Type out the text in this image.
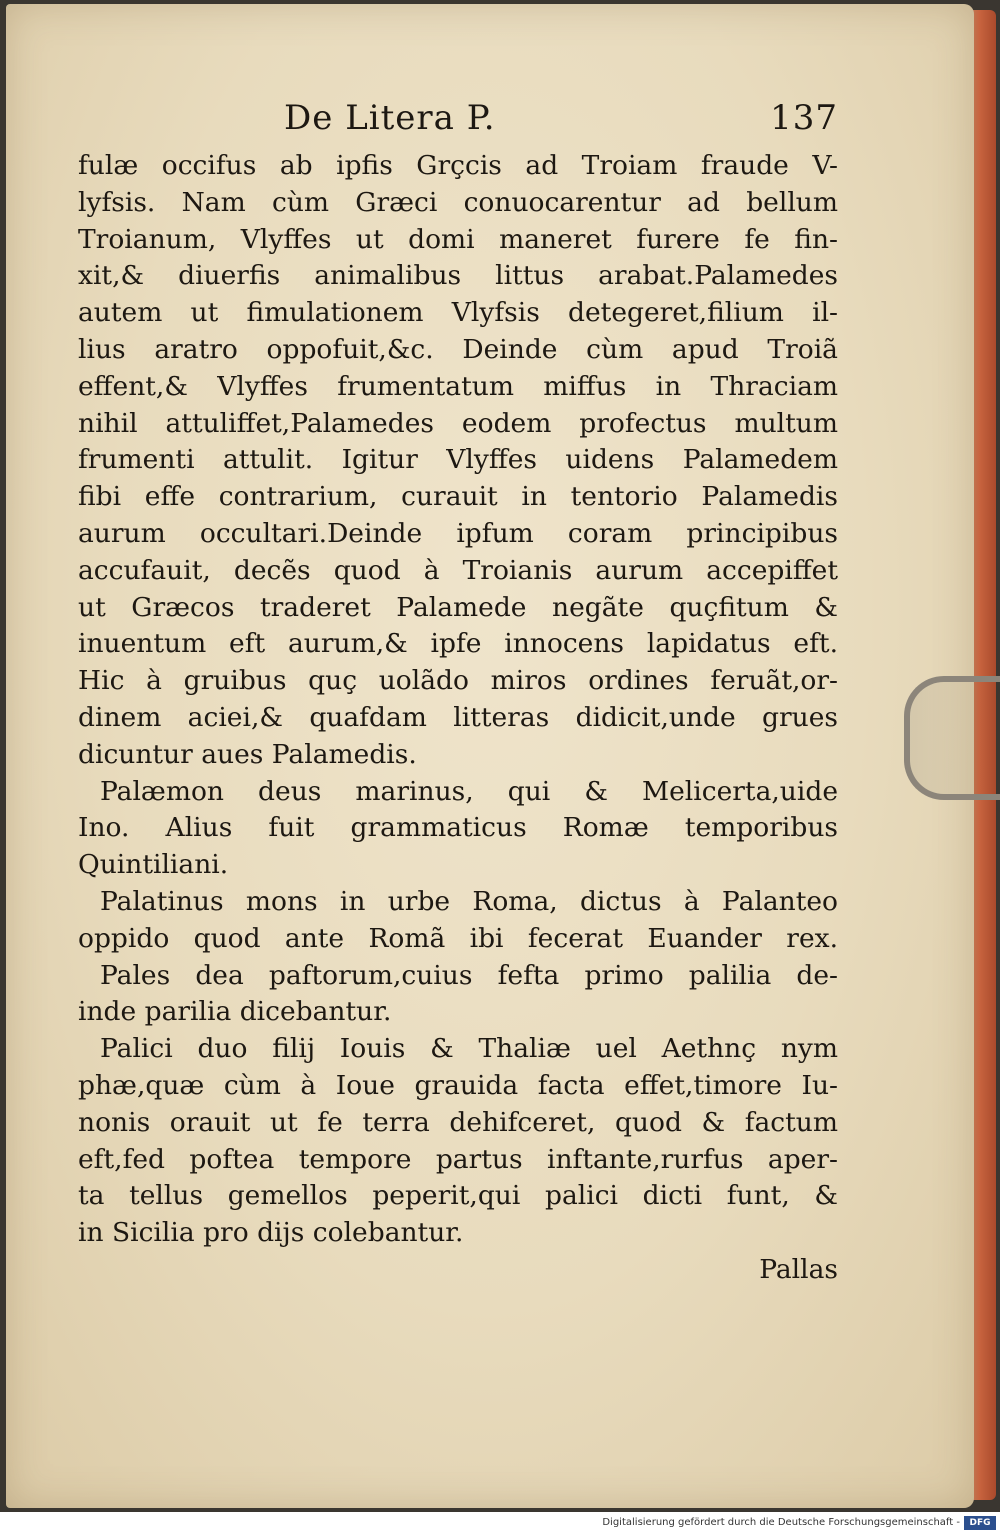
De Litera P.	137
fulæ occifus ab ipfis Grçcis ad Troiam fraude V-
lyfsis. Nam cùm Græci conuocarentur ad bellum
Troianum, Vlyffes ut domi maneret furere fe fin-
xit,& diuerfis animalibus littus arabat.Palamedes
autem ut fimulationem Vlyfsis detegeret,filium il-
lius aratro oppofuit,&c. Deinde cùm apud Troiã
effent,& Vlyffes frumentatum miffus in Thraciam
nihil attuliffet,Palamedes eodem profectus multum
frumenti attulit. Igitur Vlyffes uidens Palamedem
fibi effe contrarium, curauit in tentorio Palamedis
aurum occultari.Deinde ipfum coram principibus
accufauit, decẽs quod à Troianis aurum accepiffet
ut Græcos traderet Palamede negãte quçfitum &
inuentum eft aurum,& ipfe innocens lapidatus eft.
Hic à gruibus quç uolãdo miros ordines feruãt,or-
dinem aciei,& quafdam litteras didicit,unde grues
dicuntur aues Palamedis.
Palæmon deus marinus, qui & Melicerta,uide
Ino. Alius fuit grammaticus Romæ temporibus
Quintiliani.
Palatinus mons in urbe Roma, dictus à Palanteo
oppido quod ante Romã ibi fecerat Euander rex.
Pales dea paftorum,cuius fefta primo palilia de-
inde parilia dicebantur.
Palici duo filij Iouis & Thaliæ uel Aethnç nym
phæ,quæ cùm à Ioue grauida facta effet,timore Iu-
nonis orauit ut fe terra dehifceret, quod & factum
eft,fed poftea tempore partus inftante,rurfus aper-
ta tellus gemellos peperit,qui palici dicti funt, &
in Sicilia pro dijs colebantur.
Pallas
Digitalisierung gefördert durch die Deutsche Forschungsgemeinschaft -	DFG
